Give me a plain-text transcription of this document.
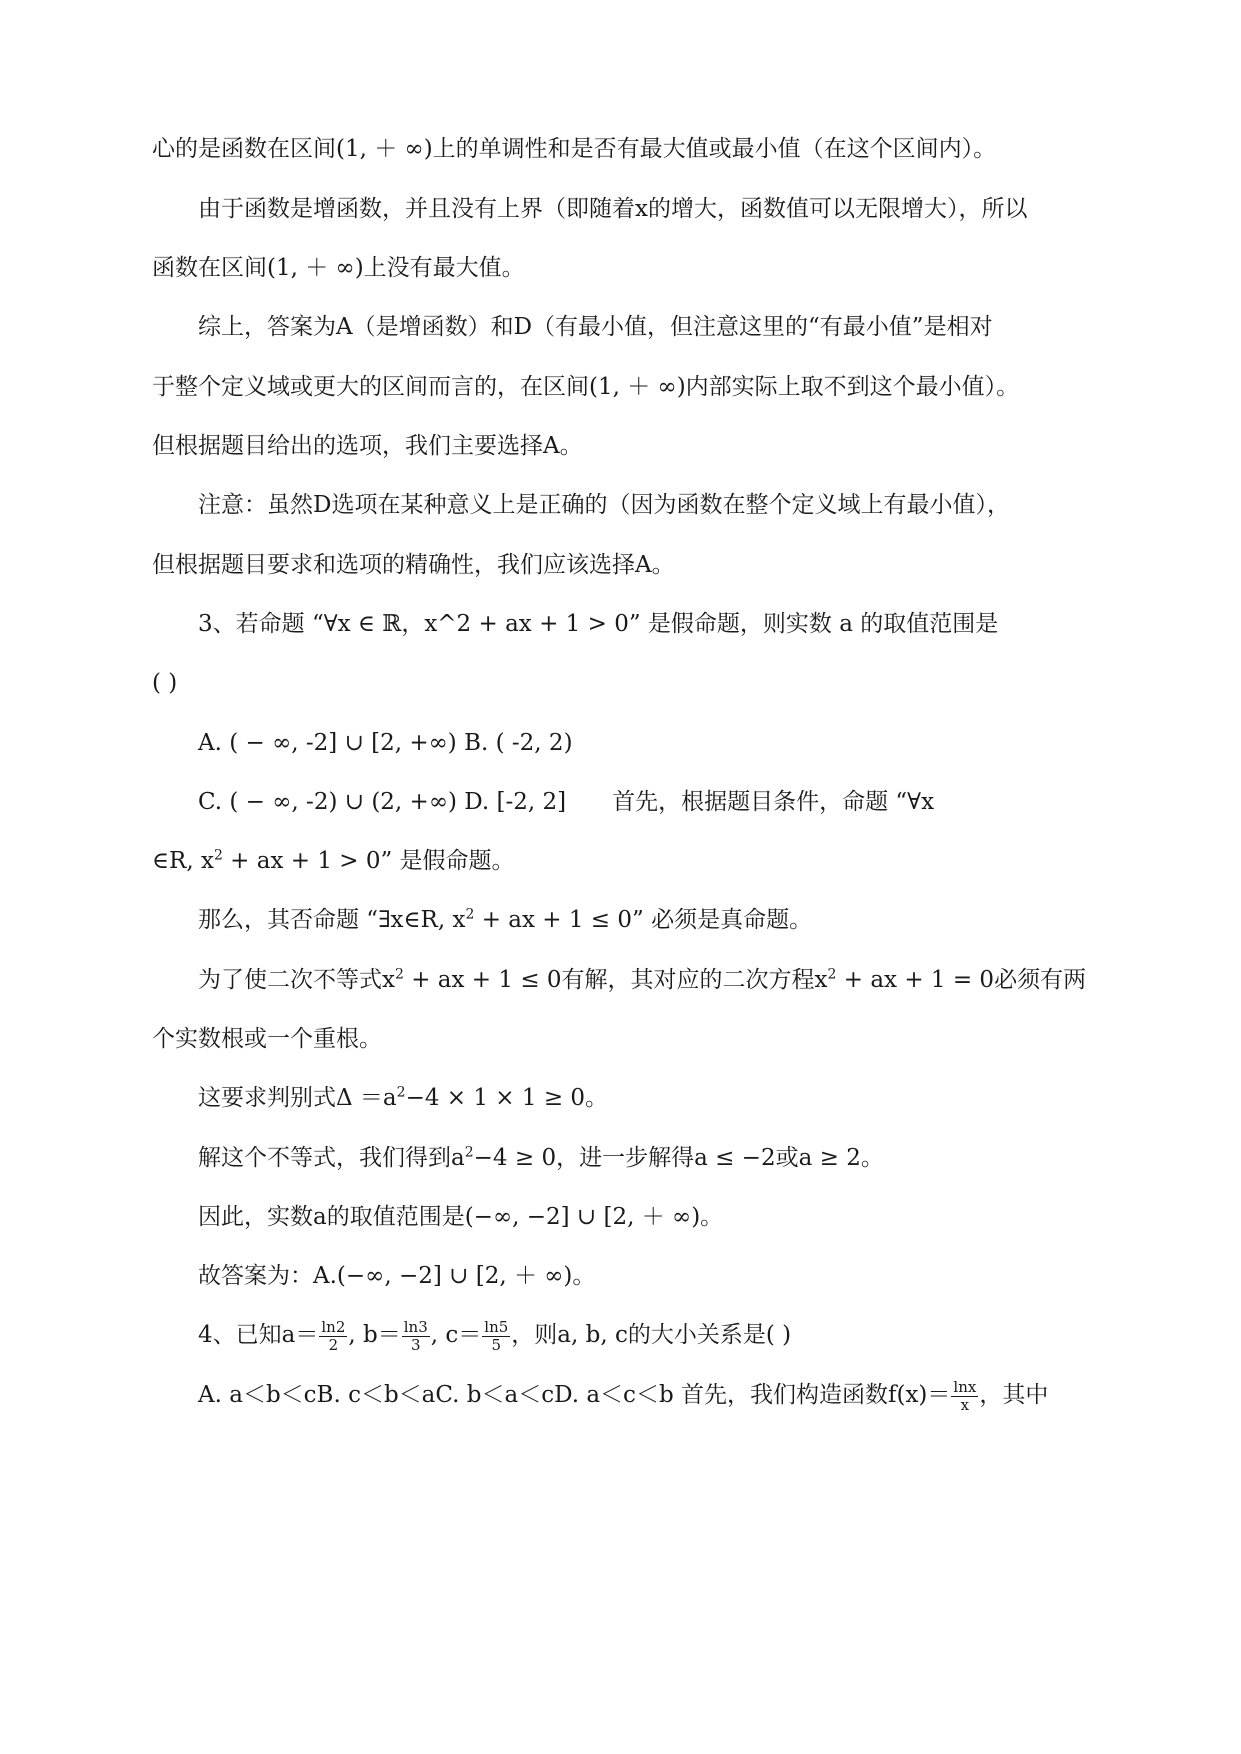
心的是函数在区间(1, ＋ ∞)上的单调性和是否有最大值或最小值（在这个区间内）。
由于函数是增函数，并且没有上界（即随着x的增大，函数值可以无限增大），所以
函数在区间(1, ＋ ∞)上没有最大值。
综上，答案为A（是增函数）和D（有最小值，但注意这里的“有最小值”是相对
于整个定义域或更大的区间而言的，在区间(1, ＋ ∞)内部实际上取不到这个最小值）。
但根据题目给出的选项，我们主要选择A。
注意：虽然D选项在某种意义上是正确的（因为函数在整个定义域上有最小值），
但根据题目要求和选项的精确性，我们应该选择A。
3、若命题 “∀x ∈ ℝ，x^2 + ax + 1 > 0” 是假命题，则实数 a 的取值范围是
( )
A. ( − ∞, -2] ∪ [2, +∞) B. ( -2, 2)
C. ( − ∞, -2) ∪ (2, +∞) D. [-2, 2]　　首先，根据题目条件，命题 “∀x
∈R, $x^2$ + ax + 1 > 0” 是假命题。
那么，其否命题 “∃x∈R, $x^2$ + ax + 1 ≤ 0” 必须是真命题。
为了使二次不等式$x^2$ + ax + 1 ≤ 0有解，其对应的二次方程$x^2$ + ax + 1 = 0必须有两
个实数根或一个重根。
这要求判别式$\Delta =a^2-4 \times 1 \times 1 \ge 0$。
解这个不等式，我们得到$a^2-4 \ge 0$，进一步解得a ≤ −2或a ≥ 2。
因此，实数a的取值范围是(−∞, −2] ∪ [2, ＋ ∞)。
故答案为：A.(−∞, −2] ∪ [2, ＋ ∞)。
4、已知$a= \frac{\ln 2}{2}$ , $b= \frac{\ln 3}{3}$ , $c= \frac{\ln 5}{5}$ ，则a, b, c的大小关系是( )
A. a＜b＜cB. c＜b＜aC. b＜a＜cD. a＜c＜b 首先，我们构造函数$f(x)= \frac{\ln x}{x}$ ，其中
